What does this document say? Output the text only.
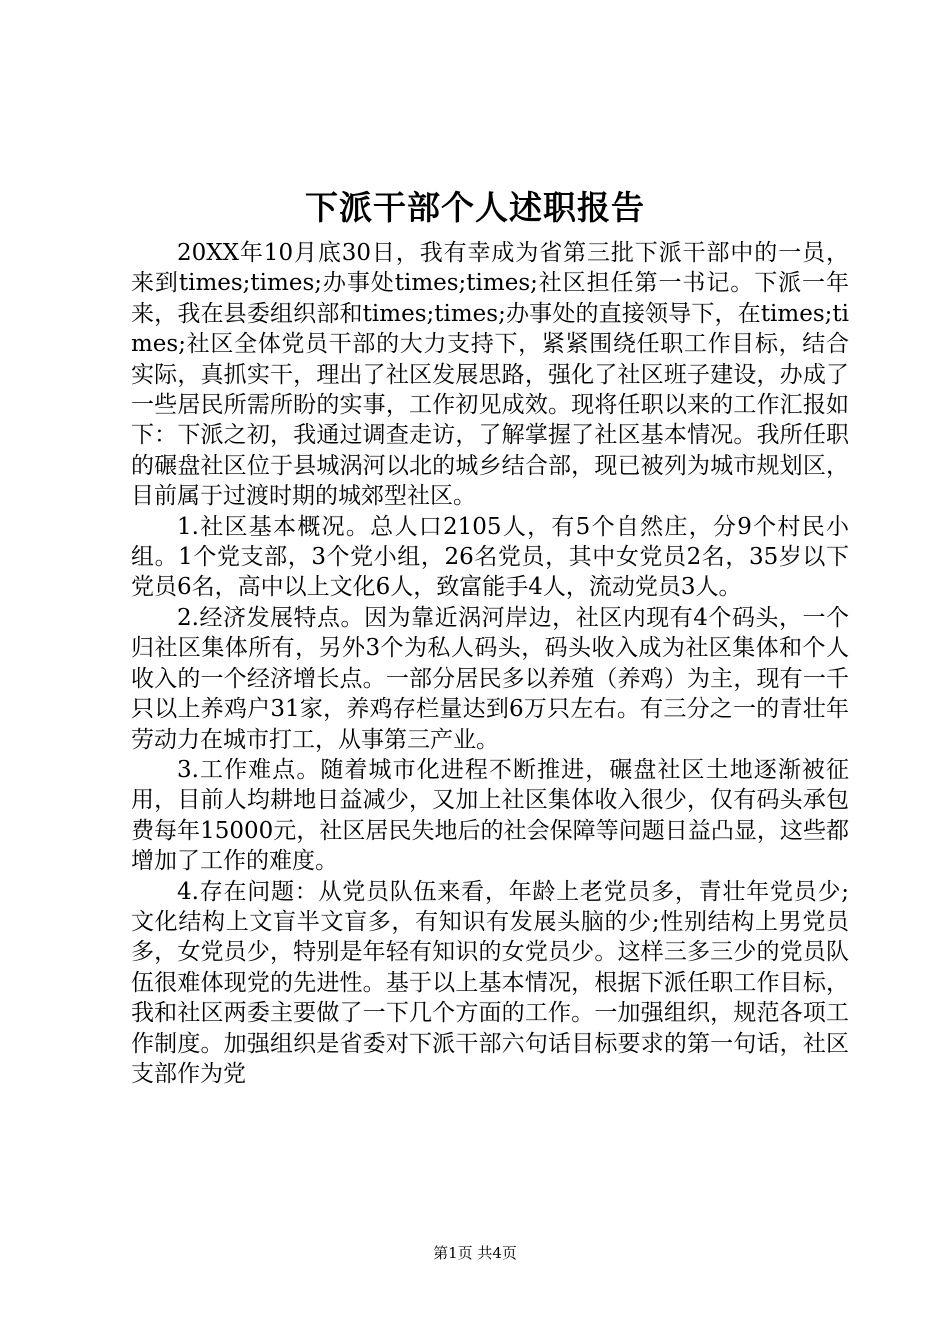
下派干部个人述职报告

20XX年10月底30日，我有幸成为省第三批下派干部中的一员，来到times;times;办事处times;times;社区担任第一书记。下派一年来，我在县委组织部和times;times;办事处的直接领导下，在times;times;社区全体党员干部的大力支持下，紧紧围绕任职工作目标，结合实际，真抓实干，理出了社区发展思路，强化了社区班子建设，办成了一些居民所需所盼的实事，工作初见成效。现将任职以来的工作汇报如下：下派之初，我通过调查走访，了解掌握了社区基本情况。我所任职的碾盘社区位于县城涡河以北的城乡结合部，现已被列为城市规划区，目前属于过渡时期的城郊型社区。

1.社区基本概况。总人口2105人，有5个自然庄，分9个村民小组。1个党支部，3个党小组，26名党员，其中女党员2名，35岁以下党员6名，高中以上文化6人，致富能手4人，流动党员3人。

2.经济发展特点。因为靠近涡河岸边，社区内现有4个码头，一个归社区集体所有，另外3个为私人码头，码头收入成为社区集体和个人收入的一个经济增长点。一部分居民多以养殖（养鸡）为主，现有一千只以上养鸡户31家，养鸡存栏量达到6万只左右。有三分之一的青壮年劳动力在城市打工，从事第三产业。

3.工作难点。随着城市化进程不断推进，碾盘社区土地逐渐被征用，目前人均耕地日益减少，又加上社区集体收入很少，仅有码头承包费每年15000元，社区居民失地后的社会保障等问题日益凸显，这些都增加了工作的难度。

4.存在问题：从党员队伍来看，年龄上老党员多，青壮年党员少;文化结构上文盲半文盲多，有知识有发展头脑的少;性别结构上男党员多，女党员少，特别是年轻有知识的女党员少。这样三多三少的党员队伍很难体现党的先进性。基于以上基本情况，根据下派任职工作目标，我和社区两委主要做了一下几个方面的工作。一加强组织，规范各项工作制度。加强组织是省委对下派干部六句话目标要求的第一句话，社区支部作为党

第1页 共4页
